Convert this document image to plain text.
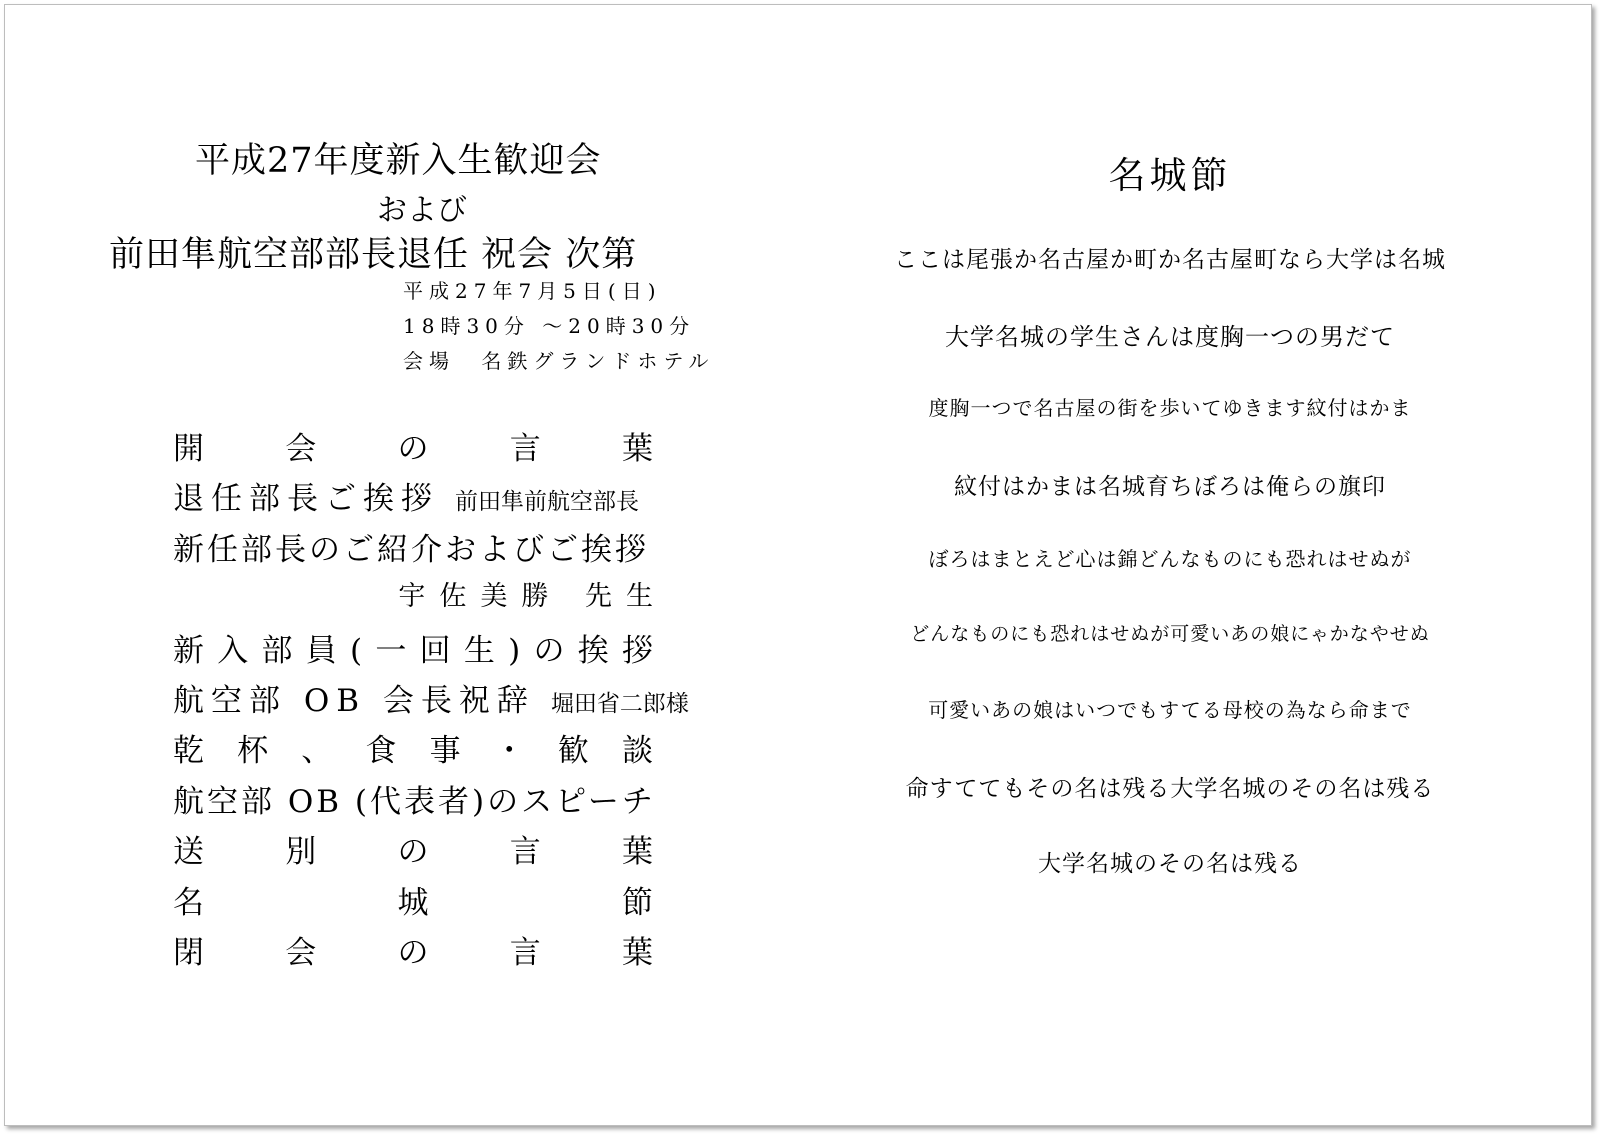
平成27年度新入生歓迎会
および
前田隼航空部部長退任 祝会 次第
平成27年7月5日(日)
18時30分 〜20時30分
会場 名鉄グランドホテル
開	会	の	言	葉
退任部長ご挨拶 前田隼前航空部長
新任部長のご紹介およびご挨拶
宇佐美勝 先生
新 入 部 員 ( 一 回 生 ) の 挨 拶
航空部 OB 会長祝辞 堀田省二郎様
乾 杯 、 食 事 ・ 歓 談
航空部 OB (代表者)のスピーチ
送	別	の	言	葉
名	城	節
閉	会	の	言	葉
名城節
ここは尾張か名古屋か町か名古屋町なら大学は名城
大学名城の学生さんは度胸一つの男だて
度胸一つで名古屋の街を歩いてゆきます紋付はかま
紋付はかまは名城育ちぼろは俺らの旗印
ぼろはまとえど心は錦どんなものにも恐れはせぬが
どんなものにも恐れはせぬが可愛いあの娘にゃかなやせぬ
可愛いあの娘はいつでもすてる母校の為なら命まで
命すててもその名は残る大学名城のその名は残る
大学名城のその名は残る
